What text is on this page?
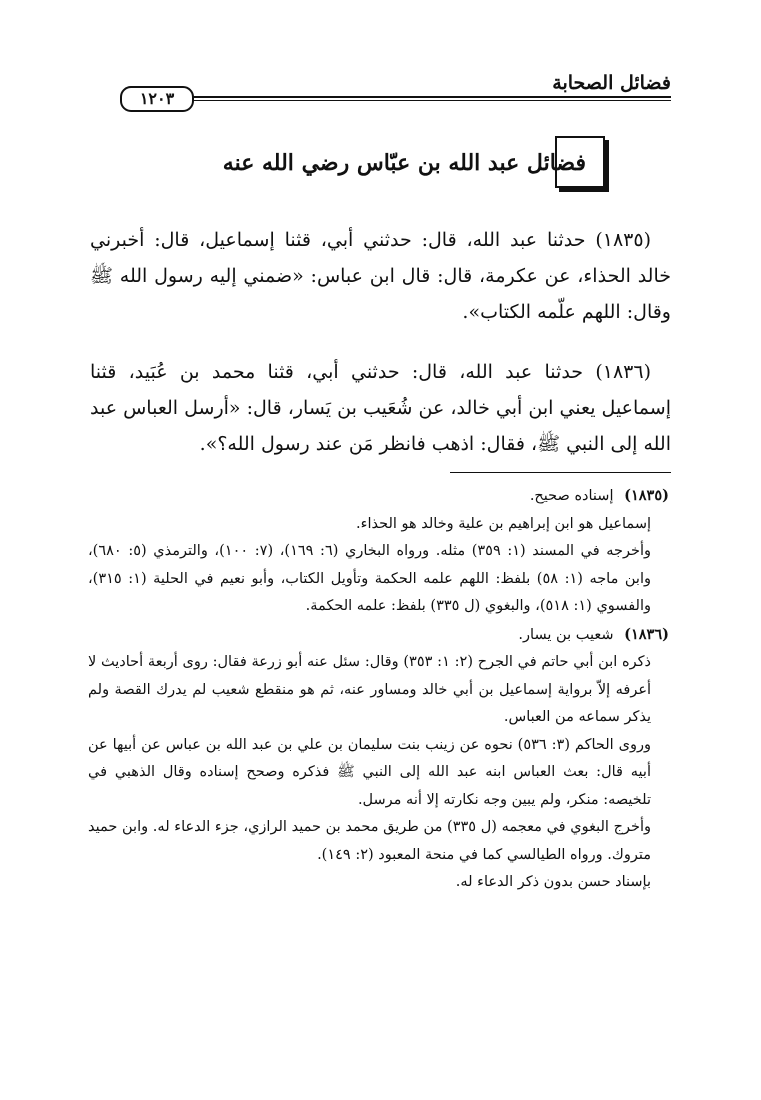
فضائل الصحابة
١٢٠٣
فضائل عبد الله بن عبّاس رضي الله عنه

(١٨٣٥) حدثنا عبد الله، قال: حدثني أبي، قثنا إسماعيل، قال: أخبرني خالد الحذاء، عن عكرمة، قال: قال ابن عباس: «ضمني إليه رسول الله ﷺ وقال: اللهم علّمه الكتاب».

(١٨٣٦) حدثنا عبد الله، قال: حدثني أبي، قثنا محمد بن عُبَيد، قثنا إسماعيل يعني ابن أبي خالد، عن شُعَيب بن يَسار، قال: «أرسل العباس عبد الله إلى النبي ﷺ، فقال: اذهب فانظر مَن عند رسول الله؟».

(١٨٣٥) إسناده صحيح.

إسماعيل هو ابن إبراهيم بن علية وخالد هو الحذاء.

وأخرجه في المسند (١: ٣٥٩) مثله. ورواه البخاري (٦: ١٦٩)، (٧: ١٠٠)، والترمذي (٥: ٦٨٠)، وابن ماجه (١: ٥٨) بلفظ: اللهم علمه الحكمة وتأويل الكتاب، وأبو نعيم في الحلية (١: ٣١٥)، والفسوي (١: ٥١٨)، والبغوي (ل ٣٣٥) بلفظ: علمه الحكمة.

(١٨٣٦) شعيب بن يسار.

ذكره ابن أبي حاتم في الجرح (٢: ١: ٣٥٣) وقال: سئل عنه أبو زرعة فقال: روى أربعة أحاديث لا أعرفه إلاّ برواية إسماعيل بن أبي خالد ومساور عنه، ثم هو منقطع شعيب لم يدرك القصة ولم يذكر سماعه من العباس.

وروى الحاكم (٣: ٥٣٦) نحوه عن زينب بنت سليمان بن علي بن عبد الله بن عباس عن أبيها عن أبيه قال: بعث العباس ابنه عبد الله إلى النبي ﷺ فذكره وصحح إسناده وقال الذهبي في تلخيصه: منكر، ولم يبين وجه نكارته إلا أنه مرسل.

وأخرج البغوي في معجمه (ل ٣٣٥) من طريق محمد بن حميد الرازي، جزء الدعاء له. وابن حميد متروك. ورواه الطيالسي كما في منحة المعبود (٢: ١٤٩).

بإسناد حسن بدون ذكر الدعاء له.
